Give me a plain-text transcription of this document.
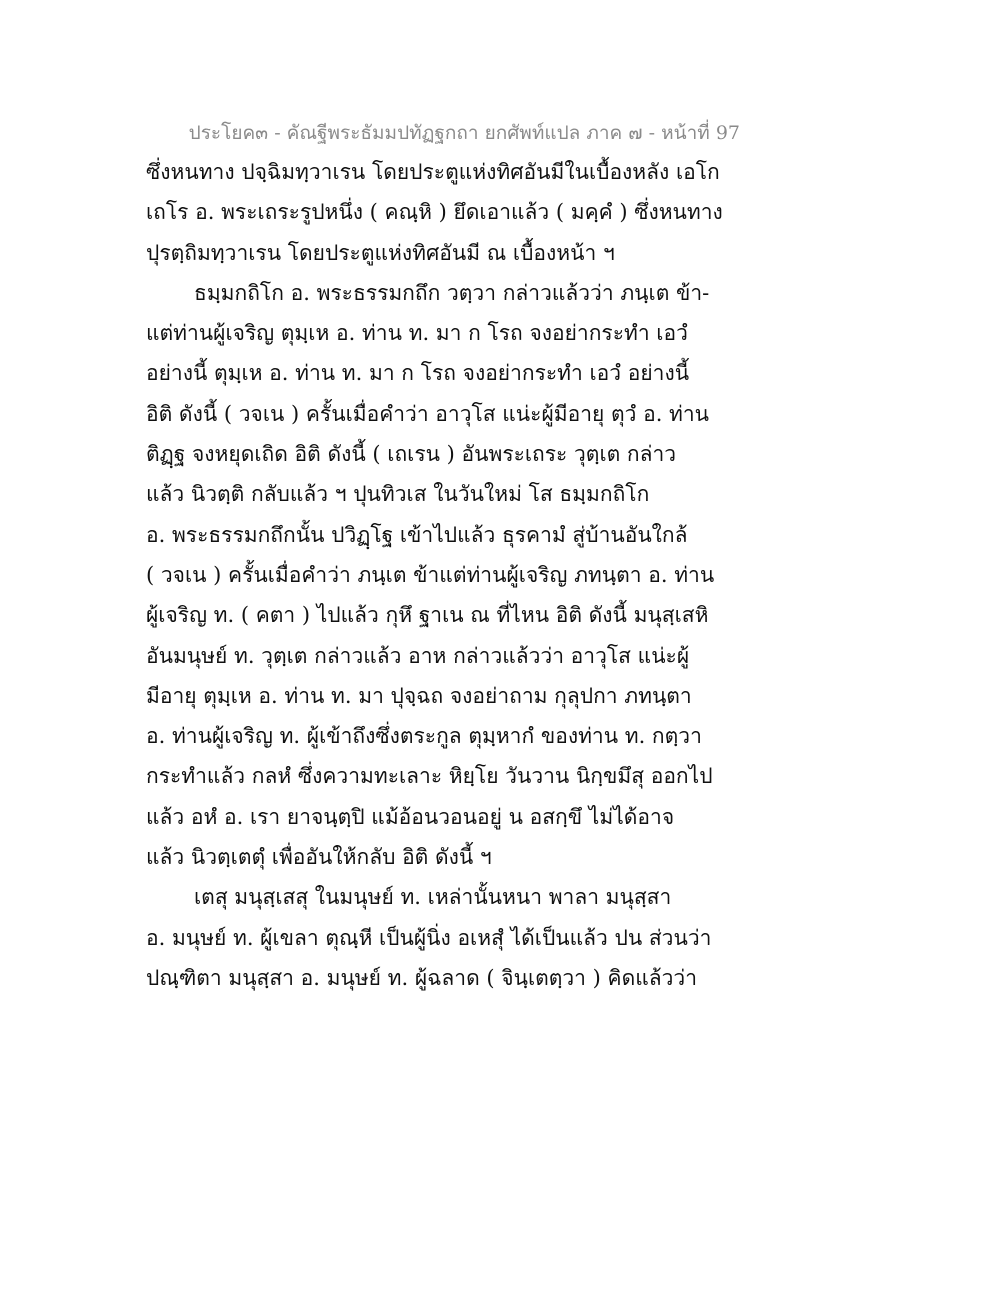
ประโยค๓ - คัณฐีพระธัมมปทัฏฐกถา ยกศัพท์แปล ภาค ๗ - หน้าที่ 97
ซึ่งหนทาง ปจฺฉิมทฺวาเรน โดยประตูแห่งทิศอันมีในเบื้องหลัง เอโก
เถโร อ. พระเถระรูปหนึ่ง ( คณฺหิ ) ยึดเอาแล้ว ( มคฺคํ ) ซึ่งหนทาง
ปุรตฺถิมทฺวาเรน โดยประตูแห่งทิศอันมี ณ เบื้องหน้า ฯ
ธมฺมกถิโก อ. พระธรรมกถึก วตฺวา กล่าวแล้วว่า ภนฺเต ข้า-
แต่ท่านผู้เจริญ ตุมฺเห อ. ท่าน ท. มา ก โรถ จงอย่ากระทำ เอวํ
อย่างนี้ ตุมฺเห อ. ท่าน ท. มา ก โรถ จงอย่ากระทำ เอวํ อย่างนี้
อิติ ดังนี้ ( วจเน ) ครั้นเมื่อคำว่า อาวุโส แน่ะผู้มีอายุ ตุวํ อ. ท่าน
ติฏฺฐ จงหยุดเถิด อิติ ดังนี้ ( เถเรน ) อันพระเถระ วุตฺเต กล่าว
แล้ว นิวตฺติ กลับแล้ว ฯ ปุนทิวเส ในวันใหม่ โส ธมฺมกถิโก
อ. พระธรรมกถึกนั้น ปวิฏฺโฐ เข้าไปแล้ว ธุรคามํ สู่บ้านอันใกล้
( วจเน ) ครั้นเมื่อคำว่า ภนฺเต ข้าแต่ท่านผู้เจริญ ภทนฺตา อ. ท่าน
ผู้เจริญ ท. ( คตา ) ไปแล้ว กุหึ ฐาเน ณ ที่ไหน อิติ ดังนี้ มนุสฺเสหิ
อันมนุษย์ ท. วุตฺเต กล่าวแล้ว อาห กล่าวแล้วว่า อาวุโส แน่ะผู้
มีอายุ ตุมฺเห อ. ท่าน ท. มา ปุจฺฉถ จงอย่าถาม กุลุปกา ภทนฺตา
อ. ท่านผู้เจริญ ท. ผู้เข้าถึงซึ่งตระกูล ตุมฺหากํ ของท่าน ท. กตฺวา
กระทำแล้ว กลหํ ซึ่งความทะเลาะ หิยฺโย วันวาน นิกฺขมึสุ ออกไป
แล้ว อหํ อ. เรา ยาจนฺตฺปิ แม้อ้อนวอนอยู่ น อสกฺขึ ไม่ได้อาจ
แล้ว นิวตฺเตตุํ เพื่ออันให้กลับ อิติ ดังนี้ ฯ
เตสุ มนุสฺเสสุ ในมนุษย์ ท. เหล่านั้นหนา พาลา มนุสฺสา
อ. มนุษย์ ท. ผู้เขลา ตุณฺหี เป็นผู้นิ่ง อเหสุํ ได้เป็นแล้ว ปน ส่วนว่า
ปณฺฑิตา มนุสฺสา อ. มนุษย์ ท. ผู้ฉลาด ( จินฺเตตฺวา ) คิดแล้วว่า
